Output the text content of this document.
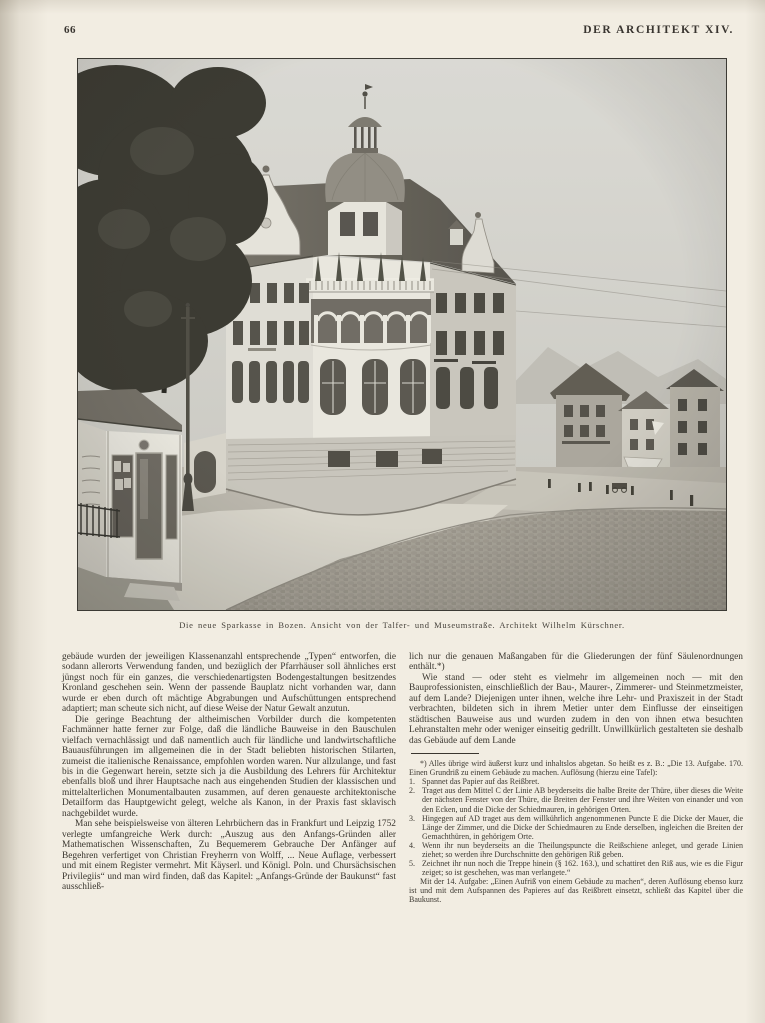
66	DER ARCHITEKT XIV.
Die neue Sparkasse in Bozen. Ansicht von der Talfer- und Museumstraße. Architekt Wilhelm Kürschner.

gebäude wurden der jeweiligen Klassenanzahl entsprechende „Typen“ entworfen, die sodann allerorts Verwendung fanden, und bezüglich der Pfarrhäuser soll ähnliches erst jüngst noch für ein ganzes, die verschiedenartigsten Bodengestaltungen besitzendes Kronland geschehen sein. Wenn der passende Bauplatz nicht vorhanden war, dann wurde er eben durch oft mächtige Abgrabungen und Aufschüttungen entsprechend adaptiert; man scheute sich nicht, auf diese Weise der Natur Gewalt anzutun.

Die geringe Beachtung der altheimischen Vorbilder durch die kompetenten Fachmänner hatte ferner zur Folge, daß die ländliche Bauweise in den Bauschulen vielfach vernachlässigt und daß namentlich auch für ländliche und landwirtschaftliche Bauausführungen im allgemeinen die in der Stadt beliebten historischen Stilarten, zumeist die italienische Renaissance, empfohlen worden waren. Nur allzulange, und fast bis in die Gegenwart herein, setzte sich ja die Ausbildung des Lehrers für Architektur ebenfalls bloß und ihrer Hauptsache nach aus eingehenden Studien der klassischen und mittelalterlichen Monumentalbauten zusammen, auf deren genaueste architektonische Detailform das Hauptgewicht gelegt, welche als Kanon, in der Praxis fast sklavisch nachgebildet wurde.

Man sehe beispielsweise von älteren Lehrbüchern das in Frankfurt und Leipzig 1752 verlegte umfangreiche Werk durch: „Auszug aus den Anfangs-Gründen aller Mathematischen Wissenschaften, Zu Bequemerem Gebrauche Der Anfänger auf Begehren verfertiget von Christian Freyherrn von Wolff, ... Neue Auflage, verbessert und mit einem Register vermehrt. Mit Käyserl. und Königl. Poln. und Chursächsischen Privilegiis“ und man wird finden, daß das Kapitel: „Anfangs-Gründe der Baukunst“ fast ausschließ-

lich nur die genauen Maßangaben für die Gliederungen der fünf Säulenordnungen enthält.*)

Wie stand — oder steht es vielmehr im allgemeinen noch — mit den Bauprofessionisten, einschließlich der Bau-, Maurer-, Zimmerer- und Steinmetzmeister, auf dem Lande? Diejenigen unter ihnen, welche ihre Lehr- und Praxiszeit in der Stadt verbrachten, bildeten sich in ihrem Metier unter dem Einflusse der einseitigen städtischen Bauweise aus und wurden zudem in den von ihnen etwa besuchten Lehranstalten mehr oder weniger einseitig gedrillt. Unwillkürlich gestalteten sie deshalb das Gebäude auf dem Lande

*) Alles übrige wird äußerst kurz und inhaltslos abgetan. So heißt es z. B.: „Die 13. Aufgabe. 170. Einen Grundriß zu einem Gebäude zu machen. Auflösung (hierzu eine Tafel):

1. Spannet das Papier auf das Reißbret.

2. Traget aus dem Mittel C der Linie AB beyderseits die halbe Breite der Thüre, über dieses die Weite der nächsten Fenster von der Thüre, die Breiten der Fenster und ihre Weiten von einander und von den Ecken, und die Dicke der Schiedmauren, in gehörigen Orten.

3. Hingegen auf AD traget aus dem willkührlich angenommenen Puncte E die Dicke der Mauer, die Länge der Zimmer, und die Dicke der Schiedmauren zu Ende derselben, ingleichen die Breiten der Gemachthüren, in gehörigem Orte.

4. Wenn ihr nun beyderseits an die Theilungspuncte die Reißschiene anleget, und gerade Linien ziehet; so werden ihre Durchschnitte den gehörigen Riß geben.

5. Zeichnet ihr nun noch die Treppe hinein (§ 162. 163.), und schattiret den Riß aus, wie es die Figur zeiget; so ist geschehen, was man verlangete.“

Mit der 14. Aufgabe: „Einen Aufriß von einem Gebäude zu machen“, deren Auflösung ebenso kurz ist und mit dem Aufspannen des Papieres auf das Reißbrett einsetzt, schließt das Kapitel über die Baukunst.
